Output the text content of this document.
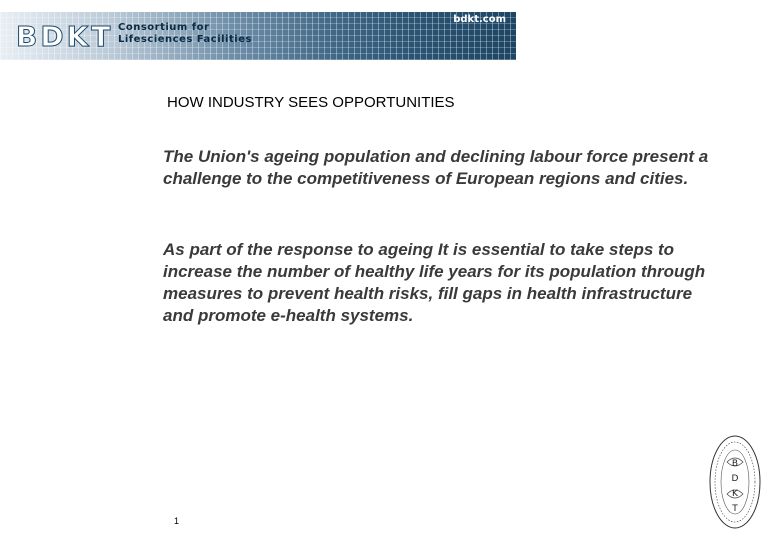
BDKT Consortium for
Lifesciences Facilities
bdkt.com
HOW INDUSTRY SEES OPPORTUNITIES

The Union's ageing population and declining labour force present a challenge to the competitiveness of European regions and cities.

As part of the response to ageing It is essential to take steps to increase the number of healthy life years for its population through measures to prevent health risks, fill gaps in health infrastructure and promote e-health systems.

1
B
D
K
T
